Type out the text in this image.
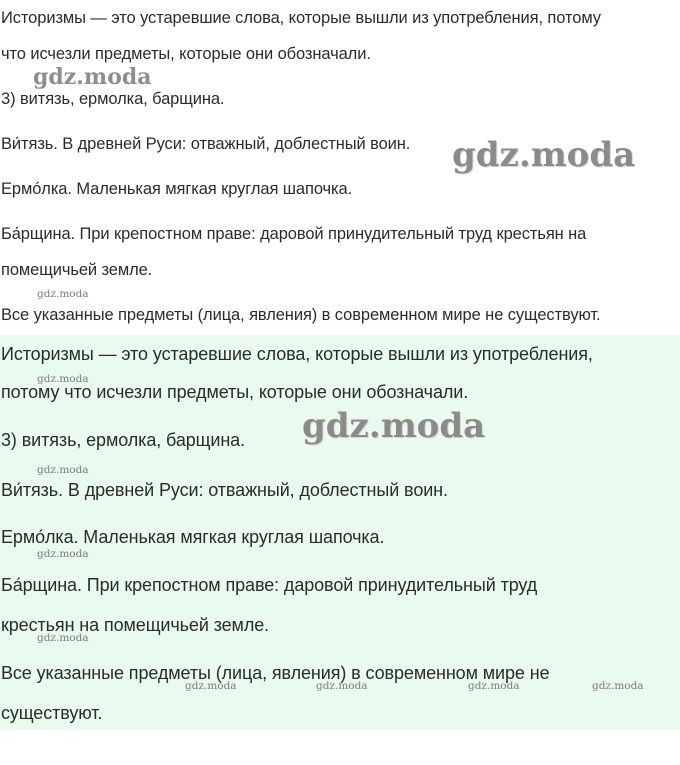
Историзмы — это устаревшие слова, которые вышли из употребления, потому
что исчезли предметы, которые они обозначали.
3) витязь, ермолка, барщина.
Ви́тязь. В древней Руси: отважный, доблестный воин.
Ермо́лка. Маленькая мягкая круглая шапочка.
Ба́рщина. При крепостном праве: даровой принудительный труд крестьян на
помещичьей земле.
Все указанные предметы (лица, явления) в современном мире не существуют.
gdz.moda
gdz.moda
gdz.moda
Историзмы — это устаревшие слова, которые вышли из употребления,
потому что исчезли предметы, которые они обозначали.
3) витязь, ермолка, барщина.
Ви́тязь. В древней Руси: отважный, доблестный воин.
Ермо́лка. Маленькая мягкая круглая шапочка.
Ба́рщина. При крепостном праве: даровой принудительный труд
крестьян на помещичьей земле.
Все указанные предметы (лица, явления) в современном мире не
существуют.
gdz.moda
gdz.moda
gdz.moda
gdz.moda
gdz.moda
gdz.moda	gdz.moda	gdz.moda	gdz.moda
